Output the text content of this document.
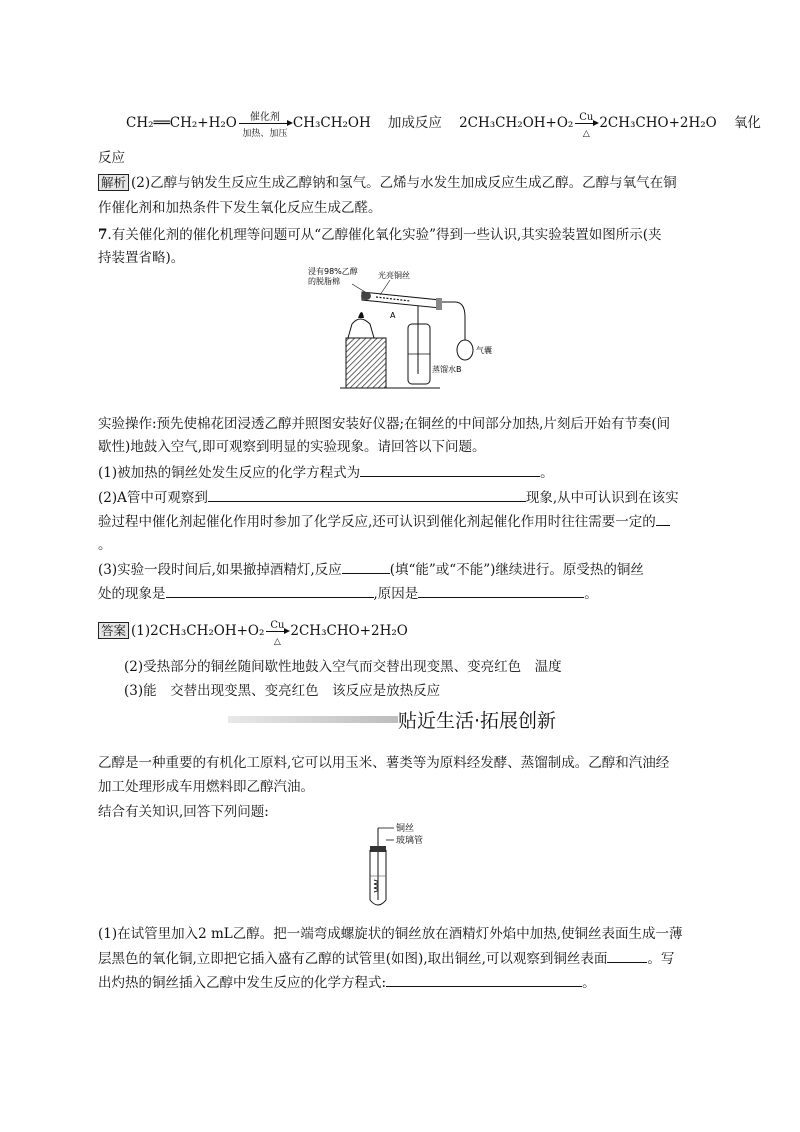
CH₂══CH₂+H₂O	催化剂
加热、加压
CH₃CH₂OH 加成反应 2CH₃CH₂OH+O₂ Cu
△
2CH₃CHO+2H₂O 氧化
反应
解析 (2)乙醇与钠发生反应生成乙醇钠和氢气。乙烯与水发生加成反应生成乙醇。乙醇与氧气在铜
作催化剂和加热条件下发生氧化反应生成乙醛。
7.有关催化剂的催化机理等问题可从“乙醇催化氧化实验”得到一些认识,其实验装置如图所示(夹
持装置省略)。
浸有98%乙醇
的脱脂棉
光亮铜丝
A
气囊
蒸馏水B
实验操作:预先使棉花团浸透乙醇并照图安装好仪器;在铜丝的中间部分加热,片刻后开始有节奏(间
歇性)地鼓入空气,即可观察到明显的实验现象。请回答以下问题。
(1)被加热的铜丝处发生反应的化学方程式为	。
(2)A管中可观察到	现象,从中可认识到在该实
验过程中催化剂起催化作用时参加了化学反应,还可认识到催化剂起催化作用时往往需要一定的
。
(3)实验一段时间后,如果撤掉酒精灯,反应	(填“能”或“不能”)继续进行。原受热的铜丝
处的现象是	,原因是	。
答案 (1)2CH₃CH₂OH+O₂ Cu
△
2CH₃CHO+2H₂O
(2)受热部分的铜丝随间歇性地鼓入空气而交替出现变黑、变亮红色　温度
(3)能　交替出现变黑、变亮红色　该反应是放热反应
贴近生活·拓展创新
乙醇是一种重要的有机化工原料,它可以用玉米、薯类等为原料经发酵、蒸馏制成。乙醇和汽油经
加工处理形成车用燃料即乙醇汽油。
结合有关知识,回答下列问题:
铜丝
玻璃管
(1)在试管里加入2 mL乙醇。把一端弯成螺旋状的铜丝放在酒精灯外焰中加热,使铜丝表面生成一薄
层黑色的氧化铜,立即把它插入盛有乙醇的试管里(如图),取出铜丝,可以观察到铜丝表面	。写
出灼热的铜丝插入乙醇中发生反应的化学方程式:	。
